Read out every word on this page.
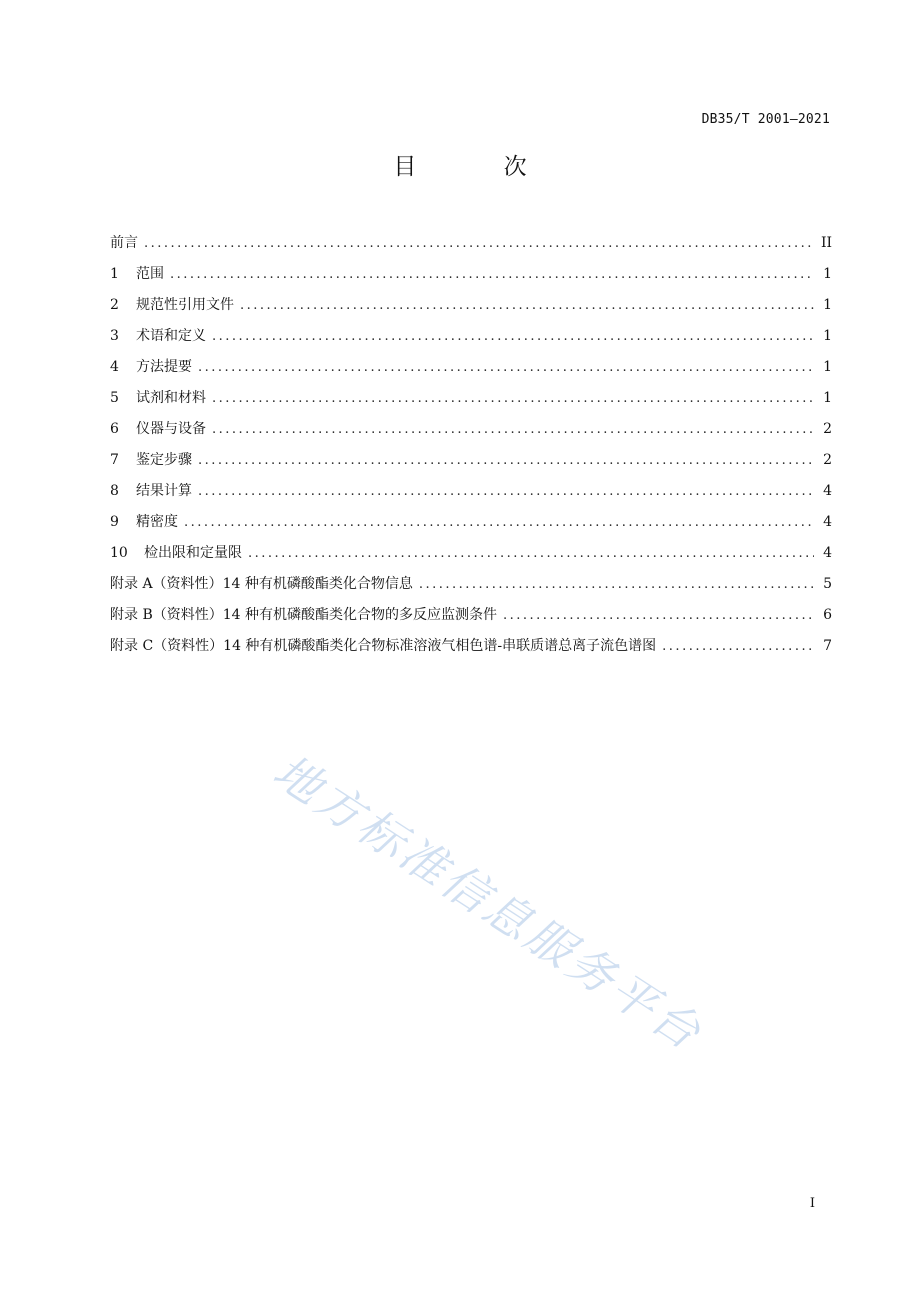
DB35/T 2001—2021
目 次
前言 .....	II
1	范围 .....	1
2	规范性引用文件 .....	1
3	术语和定义 .....	1
4	方法提要 .....	1
5	试剂和材料 .....	1
6	仪器与设备 .....	2
7	鉴定步骤 .....	2
8	结果计算 .....	4
9	精密度 .....	4
10	检出限和定量限 .....	4
附录 A（资料性） 14 种有机磷酸酯类化合物信息 .....	5
附录 B（资料性） 14 种有机磷酸酯类化合物的多反应监测条件 .....	6
附录 C（资料性） 14 种有机磷酸酯类化合物标准溶液气相色谱-串联质谱总离子流色谱图 .....	7
地方标准信息服务平台
I
